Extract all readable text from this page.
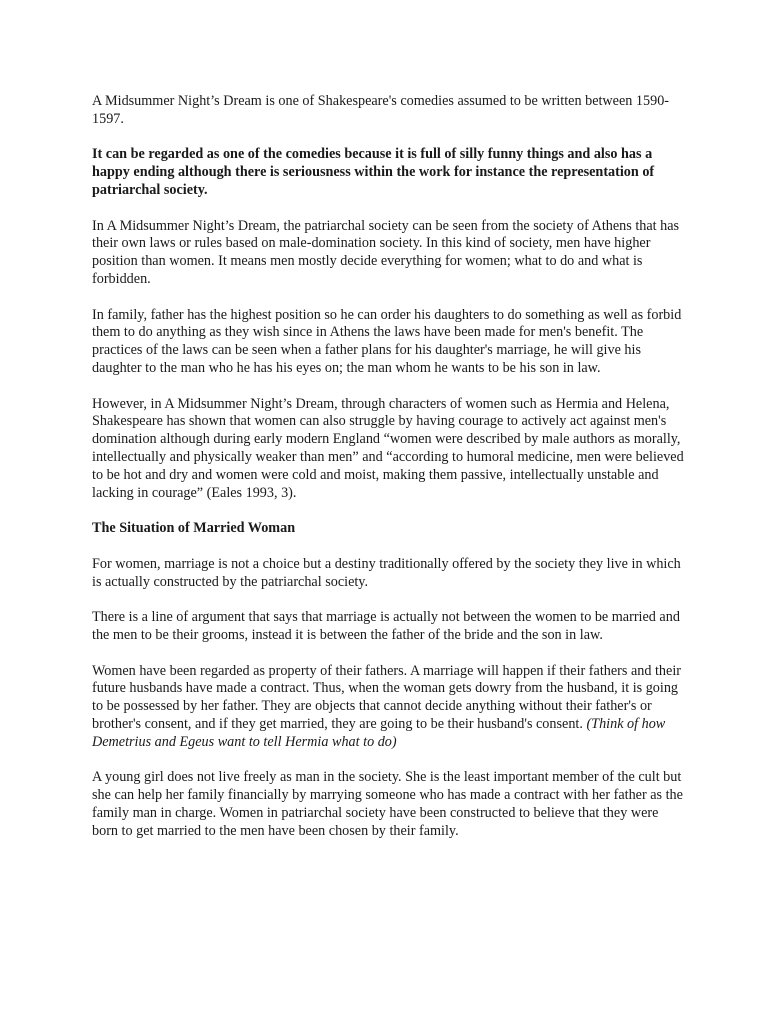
A Midsummer Night’s Dream is one of Shakespeare's comedies assumed to be written between 1590-1597.

It can be regarded as one of the comedies because it is full of silly funny things and also has a happy ending although there is seriousness within the work for instance the representation of patriarchal society.

In A Midsummer Night’s Dream, the patriarchal society can be seen from the society of Athens that has their own laws or rules based on male-domination society. In this kind of society, men have higher position than women. It means men mostly decide everything for women; what to do and what is forbidden.

In family, father has the highest position so he can order his daughters to do something as well as forbid them to do anything as they wish since in Athens the laws have been made for men's benefit. The practices of the laws can be seen when a father plans for his daughter's marriage, he will give his daughter to the man who he has his eyes on; the man whom he wants to be his son in law.

However, in A Midsummer Night’s Dream, through characters of women such as Hermia and Helena, Shakespeare has shown that women can also struggle by having courage to actively act against men's domination although during early modern England “women were described by male authors as morally, intellectually and physically weaker than men” and “according to humoral medicine, men were believed to be hot and dry and women were cold and moist, making them passive, intellectually unstable and lacking in courage” (Eales 1993, 3).

The Situation of Married Woman

For women, marriage is not a choice but a destiny traditionally offered by the society they live in which is actually constructed by the patriarchal society.

There is a line of argument that says that marriage is actually not between the women to be married and the men to be their grooms, instead it is between the father of the bride and the son in law.

Women have been regarded as property of their fathers. A marriage will happen if their fathers and their future husbands have made a contract. Thus, when the woman gets dowry from the husband, it is going to be possessed by her father. They are objects that cannot decide anything without their father's or brother's consent, and if they get married, they are going to be their husband's consent. (Think of how Demetrius and Egeus want to tell Hermia what to do)

A young girl does not live freely as man in the society. She is the least important member of the cult but she can help her family financially by marrying someone who has made a contract with her father as the family man in charge. Women in patriarchal society have been constructed to believe that they were born to get married to the men have been chosen by their family.
